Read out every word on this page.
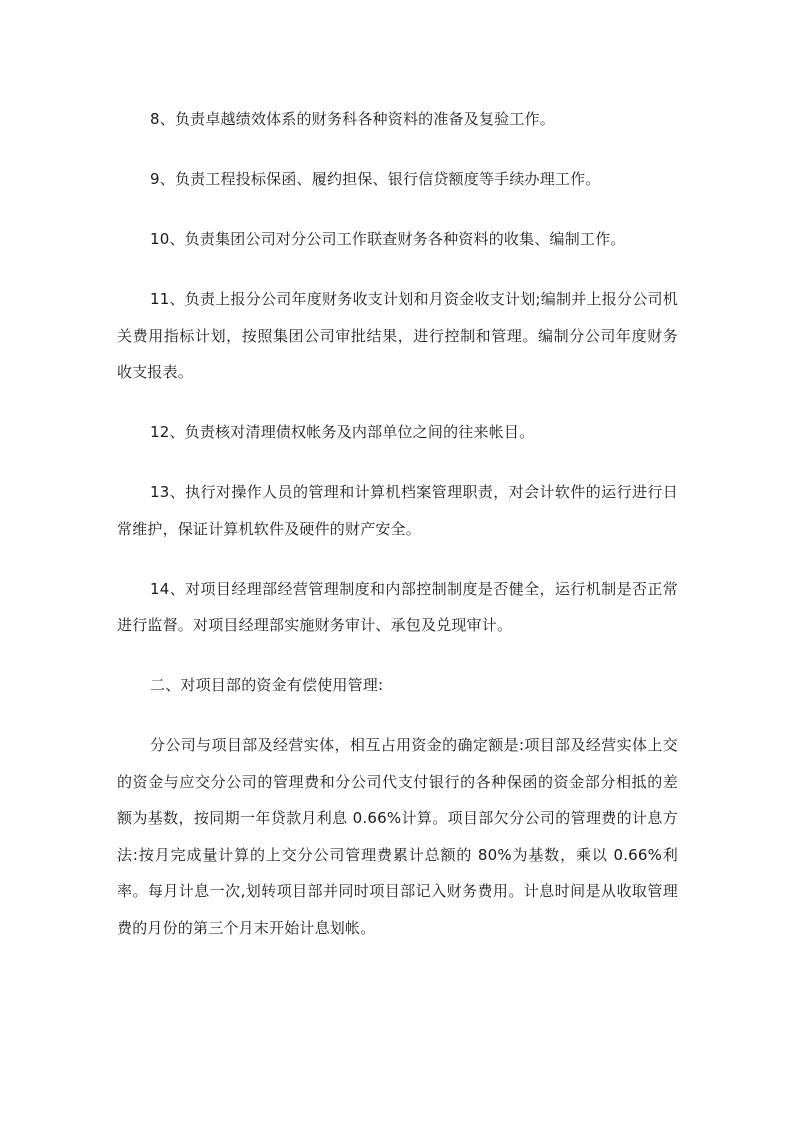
8、负责卓越绩效体系的财务科各种资料的准备及复验工作。

9、负责工程投标保函、履约担保、银行信贷额度等手续办理工作。

10、负责集团公司对分公司工作联查财务各种资料的收集、编制工作。

11、负责上报分公司年度财务收支计划和月资金收支计划;编制并上报分公司机关费用指标计划，按照集团公司审批结果，进行控制和管理。编制分公司年度财务收支报表。

12、负责核对清理债权帐务及内部单位之间的往来帐目。

13、执行对操作人员的管理和计算机档案管理职责，对会计软件的运行进行日常维护，保证计算机软件及硬件的财产安全。

14、对项目经理部经营管理制度和内部控制制度是否健全，运行机制是否正常进行监督。对项目经理部实施财务审计、承包及兑现审计。

二、对项目部的资金有偿使用管理:

分公司与项目部及经营实体，相互占用资金的确定额是:项目部及经营实体上交的资金与应交分公司的管理费和分公司代支付银行的各种保函的资金部分相抵的差额为基数，按同期一年贷款月利息 0.66%计算。项目部欠分公司的管理费的计息方法:按月完成量计算的上交分公司管理费累计总额的 80%为基数，乘以 0.66%利率。每月计息一次,划转项目部并同时项目部记入财务费用。计息时间是从收取管理费的月份的第三个月末开始计息划帐。
